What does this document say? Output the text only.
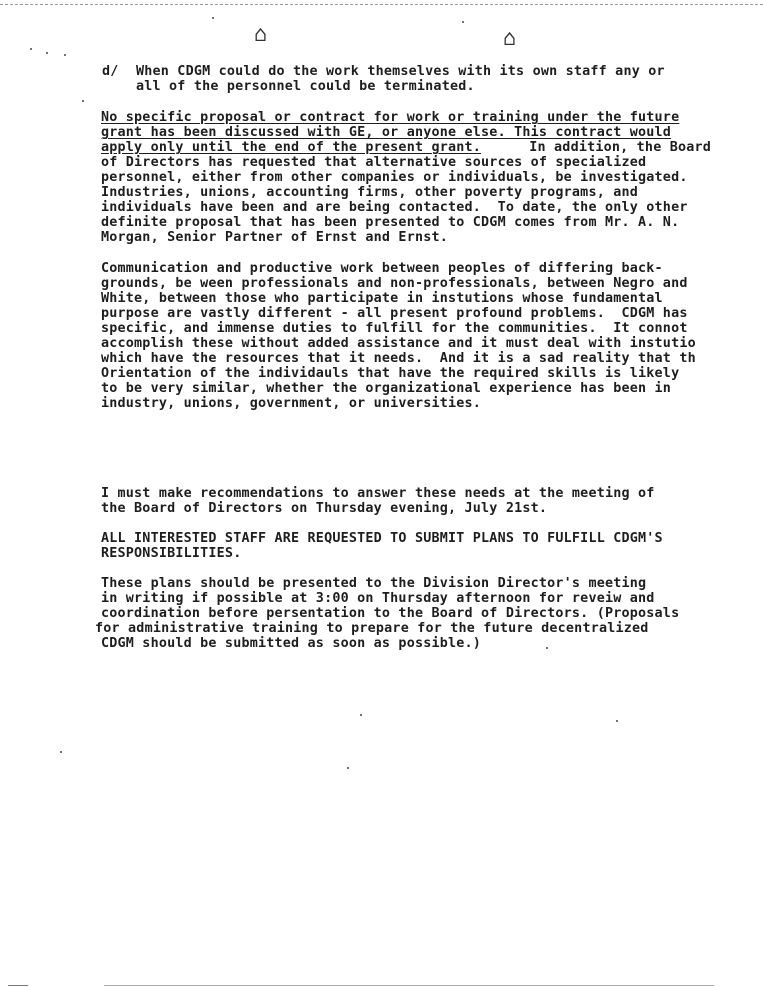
⌂	⌂
d/ When CDGM could do the work themselves with its own staff any or
all of the personnel could be terminated.
No specific proposal or contract for work or training under the future
grant has been discussed with GE, or anyone else. This contract would
apply only until the end of the present grant.	In addition, the Board
of Directors has requested that alternative sources of specialized
personnel, either from other companies or individuals, be investigated.
Industries, unions, accounting firms, other poverty programs, and
individuals have been and are being contacted.  To date, the only other
definite proposal that has been presented to CDGM comes from Mr. A. N.
Morgan, Senior Partner of Ernst and Ernst.
Communication and productive work between peoples of differing back-
grounds, be ween professionals and non-professionals, between Negro and
White, between those who participate in instutions whose fundamental
purpose are vastly different - all present profound problems.  CDGM has
specific, and immense duties to fulfill for the communities.  It connot
accomplish these without added assistance and it must deal with instutio
which have the resources that it needs.  And it is a sad reality that th
Orientation of the individauls that have the required skills is likely
to be very similar, whether the organizational experience has been in
industry, unions, government, or universities.
I must make recommendations to answer these needs at the meeting of
the Board of Directors on Thursday evening, July 21st.
ALL INTERESTED STAFF ARE REQUESTED TO SUBMIT PLANS TO FULFILL CDGM'S
RESPONSIBILITIES.
These plans should be presented to the Division Director's meeting
in writing if possible at 3:00 on Thursday afternoon for reveiw and
coordination before persentation to the Board of Directors. (Proposals
for administrative training to prepare for the future decentralized
CDGM should be submitted as soon as possible.)
